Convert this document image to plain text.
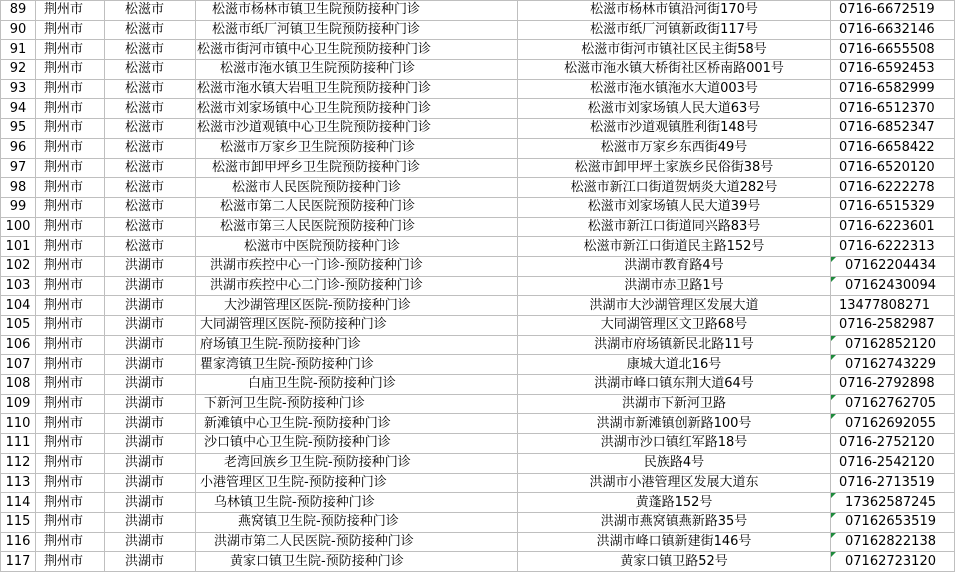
89	荆州市	松滋市	松滋市杨林市镇卫生院预防接种门诊	松滋市杨林市镇沿河街170号	0716-6672519
90	荆州市	松滋市	松滋市纸厂河镇卫生院预防接种门诊	松滋市纸厂河镇新政街117号	0716-6632146
91	荆州市	松滋市	松滋市街河市镇中心卫生院预防接种门诊	松滋市街河市镇社区民主街58号	0716-6655508
92	荆州市	松滋市	松滋市沲水镇卫生院预防接种门诊	松滋市沲水镇大桥街社区桥南路001号	0716-6592453
93	荆州市	松滋市	松滋市沲水镇大岩咀卫生院预防接种门诊	松滋市沲水镇沲水大道003号	0716-6582999
94	荆州市	松滋市	松滋市刘家场镇中心卫生院预防接种门诊	松滋市刘家场镇人民大道63号	0716-6512370
95	荆州市	松滋市	松滋市沙道观镇中心卫生院预防接种门诊	松滋市沙道观镇胜利街148号	0716-6852347
96	荆州市	松滋市	松滋市万家乡卫生院预防接种门诊	松滋市万家乡东西街49号	0716-6658422
97	荆州市	松滋市	松滋市卸甲坪乡卫生院预防接种门诊	松滋市卸甲坪土家族乡民俗街38号	0716-6520120
98	荆州市	松滋市	松滋市人民医院预防接种门诊	松滋市新江口街道贺炳炎大道282号	0716-6222278
99	荆州市	松滋市	松滋市第二人民医院预防接种门诊	松滋市刘家场镇人民大道39号	0716-6515329
100	荆州市	松滋市	松滋市第三人民医院预防接种门诊	松滋市新江口街道同兴路83号	0716-6223601
101	荆州市	松滋市	松滋市中医院预防接种门诊	松滋市新江口街道民主路152号	0716-6222313
102	荆州市	洪湖市	洪湖市疾控中心一门诊-预防接种门诊	洪湖市教育路4号	07162204434

103	荆州市	洪湖市	洪湖市疾控中心二门诊-预防接种门诊	洪湖市赤卫路1号	07162430094

104	荆州市	洪湖市	大沙湖管理区医院-预防接种门诊	洪湖市大沙湖管理区发展大道	13477808271
105	荆州市	洪湖市	大同湖管理区医院-预防接种门诊	大同湖管理区文卫路68号	0716-2582987
106	荆州市	洪湖市	府场镇卫生院-预防接种门诊	洪湖市府场镇新民北路11号	07162852120

107	荆州市	洪湖市	瞿家湾镇卫生院-预防接种门诊	康城大道北16号	07162743229

108	荆州市	洪湖市	白庙卫生院-预防接种门诊	洪湖市峰口镇东荆大道64号	0716-2792898
109	荆州市	洪湖市	下新河卫生院-预防接种门诊	洪湖市下新河卫路	07162762705

110	荆州市	洪湖市	新滩镇中心卫生院-预防接种门诊	洪湖市新滩镇创新路100号	07162692055

111	荆州市	洪湖市	沙口镇中心卫生院-预防接种门诊	洪湖市沙口镇红军路18号	0716-2752120
112	荆州市	洪湖市	老湾回族乡卫生院-预防接种门诊	民族路4号	0716-2542120
113	荆州市	洪湖市	小港管理区卫生院-预防接种门诊	洪湖市小港管理区发展大道东	0716-2713519
114	荆州市	洪湖市	乌林镇卫生院-预防接种门诊	黄蓬路152号	17362587245

115	荆州市	洪湖市	燕窝镇卫生院-预防接种门诊	洪湖市燕窝镇燕新路35号	07162653519

116	荆州市	洪湖市	洪湖市第二人民医院-预防接种门诊	洪湖市峰口镇新建街146号	07162822138

117	荆州市	洪湖市	黄家口镇卫生院-预防接种门诊	黄家口镇卫路52号	07162723120
